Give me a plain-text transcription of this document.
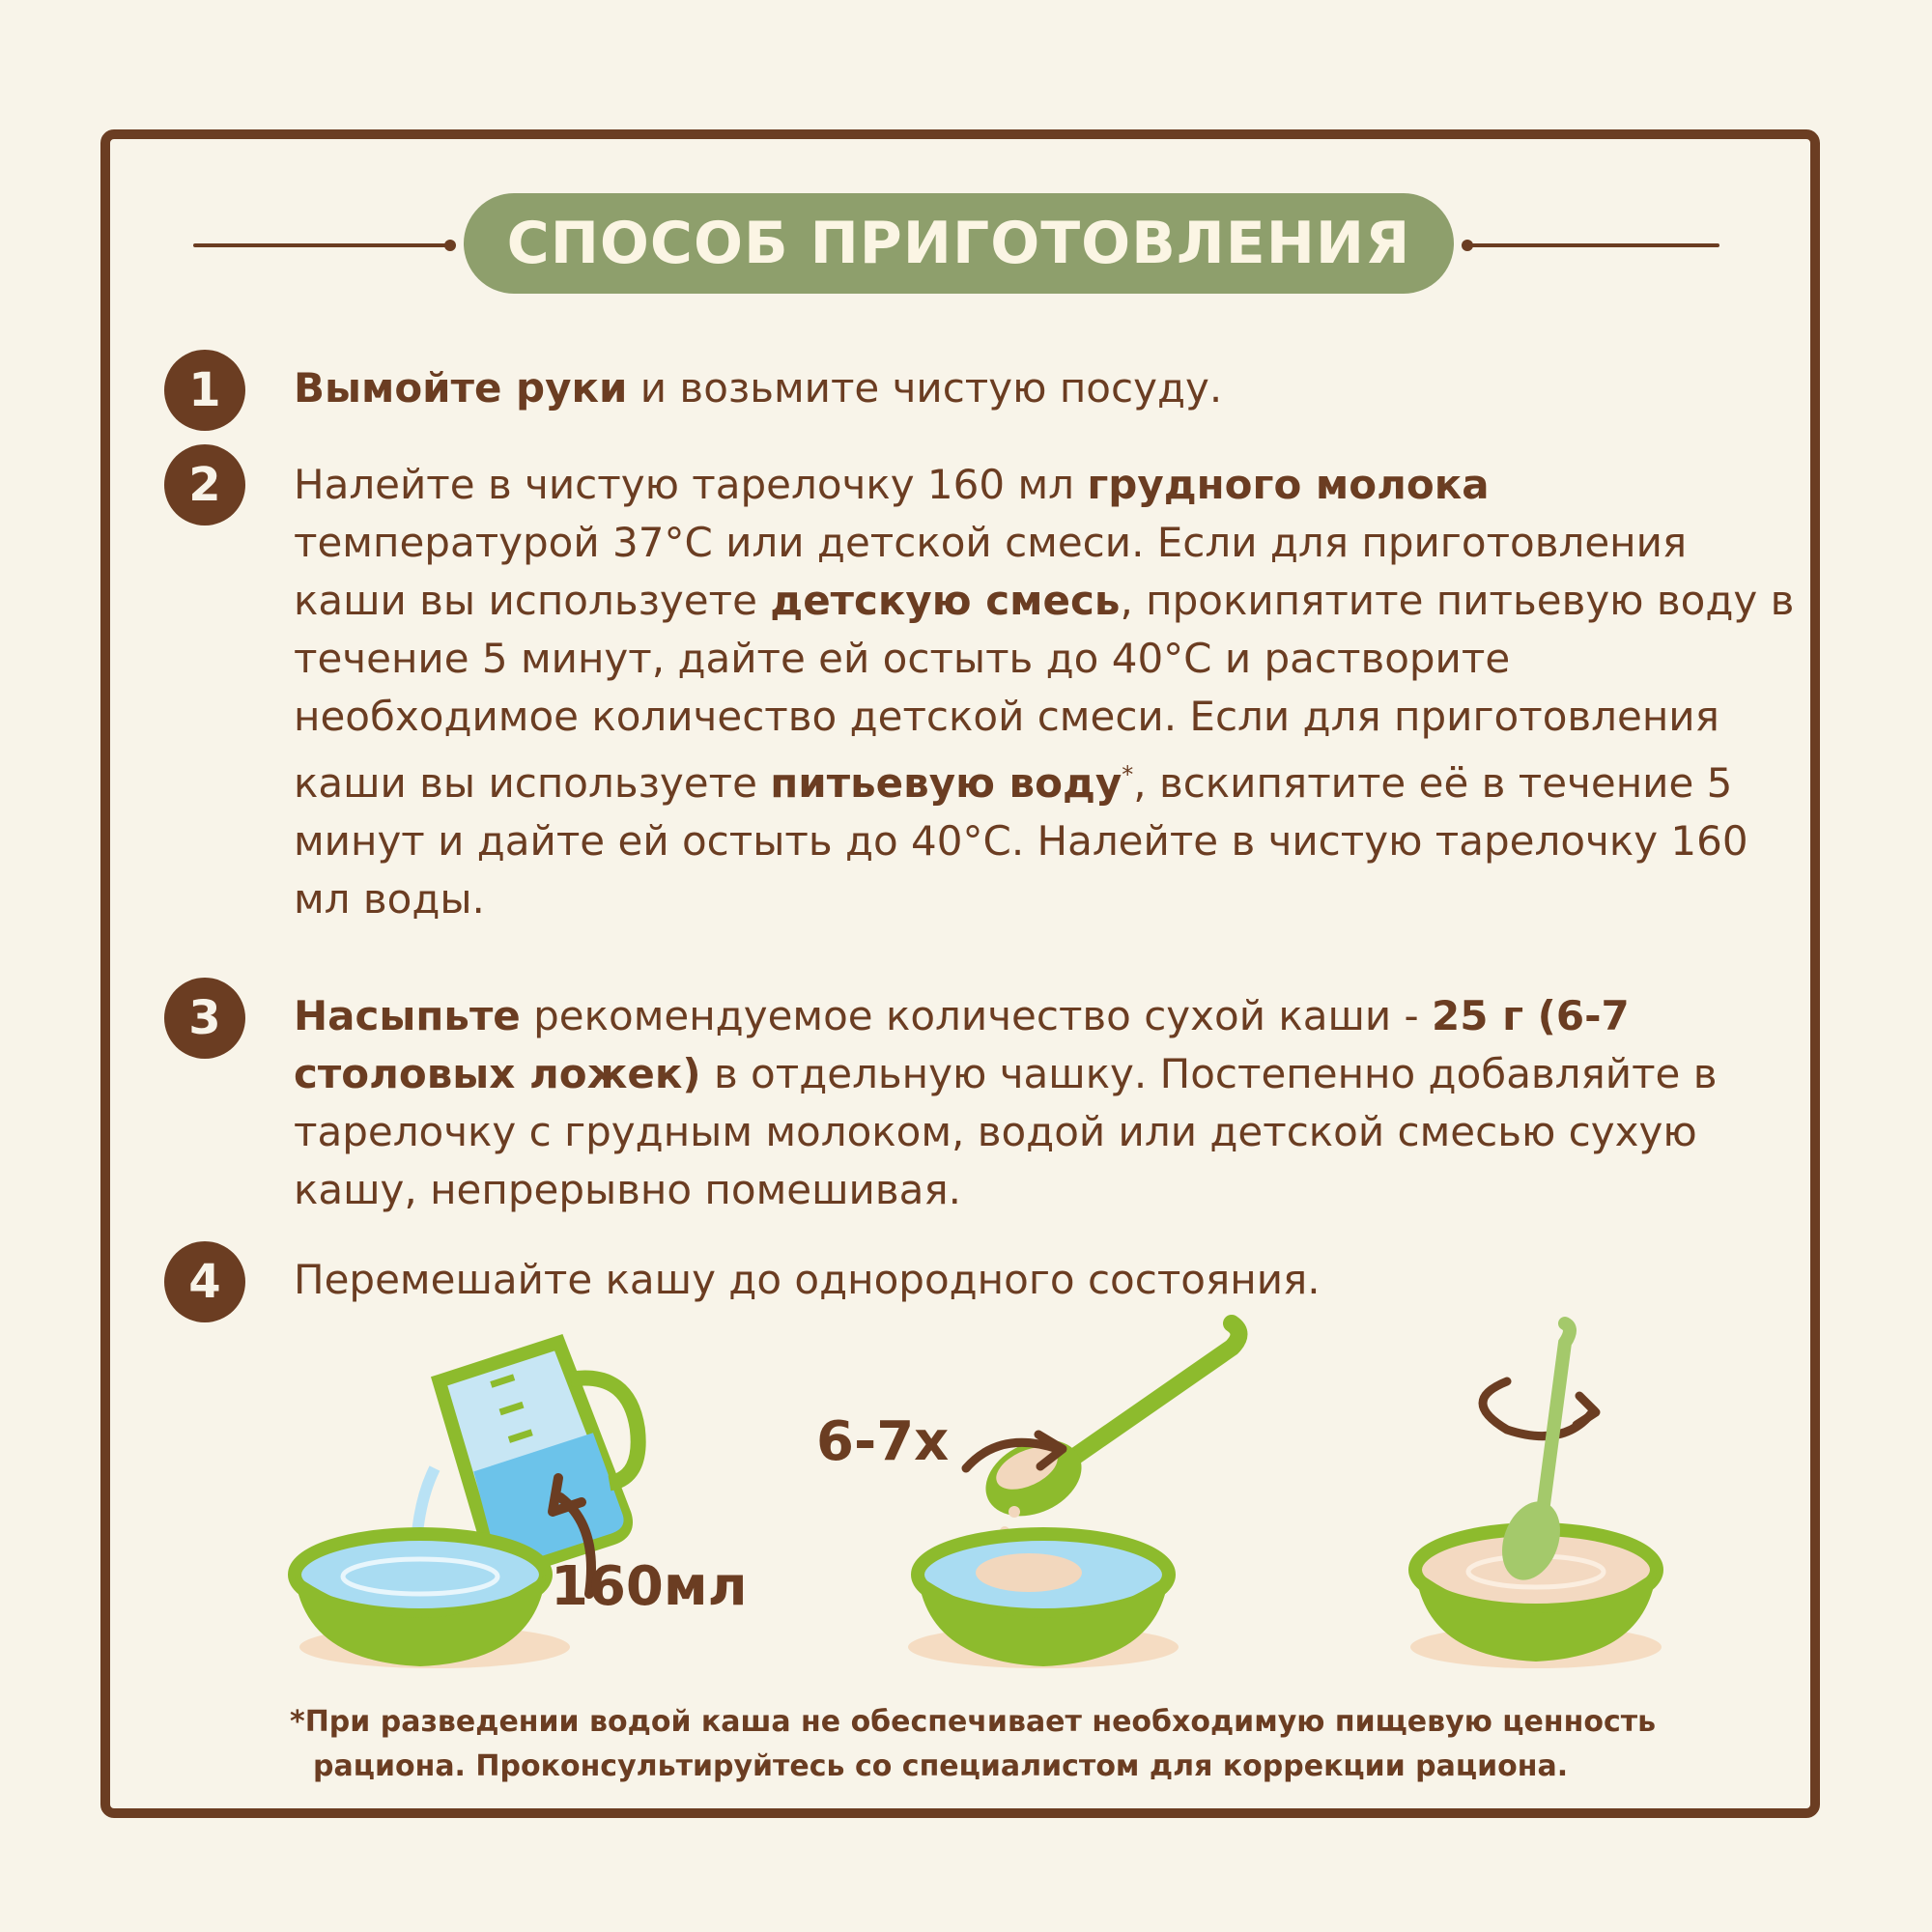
СПОСОБ ПРИГОТОВЛЕНИЯ
1	Вымойте руки и возьмите чистую посуду.
2	Налейте в чистую тарелочку 160 мл грудного молока температурой 37°С или детской смеси. Если для приготовления каши вы используете детскую смесь, прокипятите питьевую воду в течение 5 минут, дайте ей остыть до 40°С и растворите необходимое количество детской смеси. Если для приготовления каши вы используете питьевую воду*, вскипятите её в течение 5 минут и дайте ей остыть до 40°С. Налейте в чистую тарелочку 160 мл воды.
3	Насыпьте рекомендуемое количество сухой каши - 25 г (6-7 столовых ложек) в отдельную чашку. Постепенно добавляйте в тарелочку с грудным молоком, водой или детской смесью сухую кашу, непрерывно помешивая.
4	Перемешайте кашу до однородного состояния.
160мл
6-7х
*При разведении водой каша не обеспечивает необходимую пищевую ценность
рациона. Проконсультируйтесь со специалистом для коррекции рациона.
